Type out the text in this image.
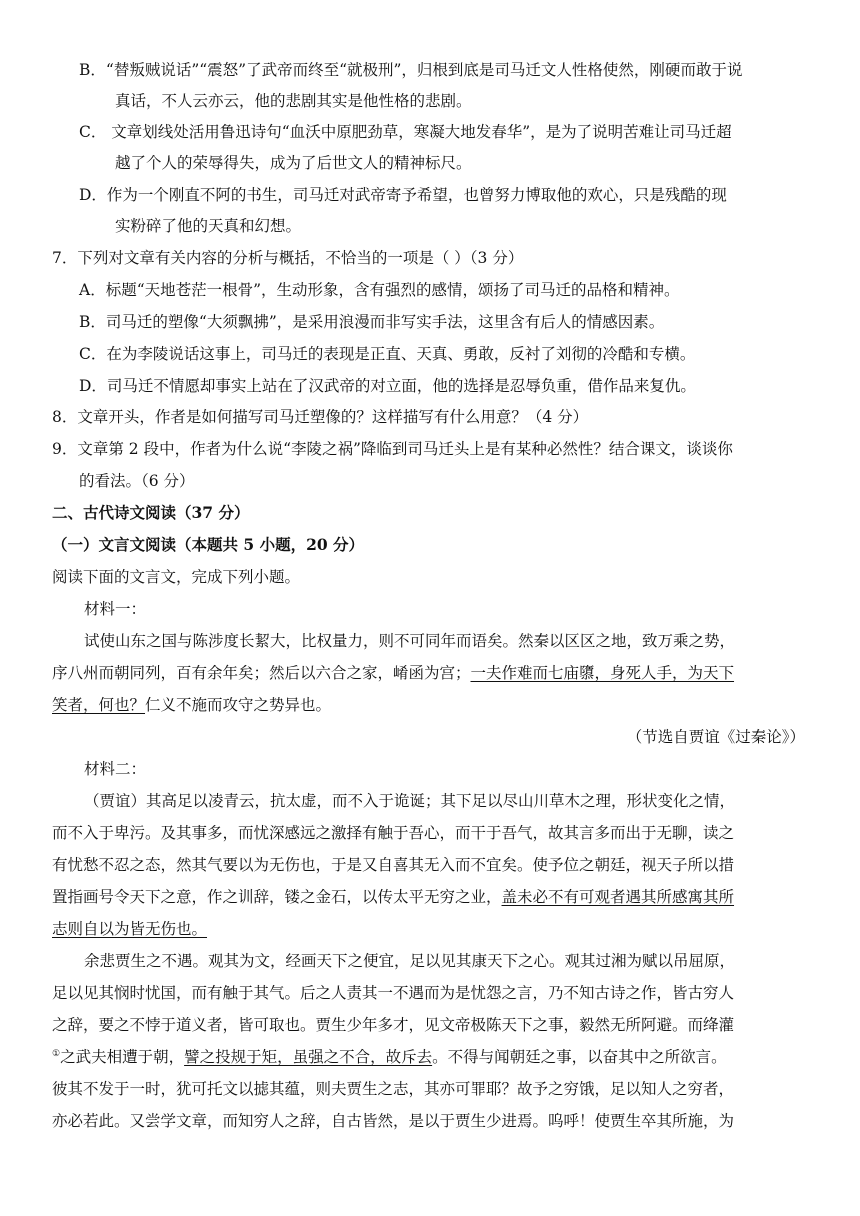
B．“替叛贼说话”“震怒”了武帝而终至“就极刑”，归根到底是司马迁文人性格使然，刚硬而敢于说
真话，不人云亦云，他的悲剧其实是他性格的悲剧。
C． 文章划线处活用鲁迅诗句“血沃中原肥劲草，寒凝大地发春华”，是为了说明苦难让司马迁超
越了个人的荣辱得失，成为了后世文人的精神标尺。
D．作为一个刚直不阿的书生，司马迁对武帝寄予希望，也曾努力博取他的欢心，只是残酷的现
实粉碎了他的天真和幻想。
7．下列对文章有关内容的分析与概括，不恰当的一项是（ ）（3 分）
A．标题“天地苍茫一根骨”，生动形象，含有强烈的感情，颂扬了司马迁的品格和精神。
B．司马迁的塑像“大须飘拂”，是采用浪漫而非写实手法，这里含有后人的情感因素。
C．在为李陵说话这事上，司马迁的表现是正直、天真、勇敢，反衬了刘彻的冷酷和专横。
D．司马迁不情愿却事实上站在了汉武帝的对立面，他的选择是忍辱负重，借作品来复仇。
8．文章开头，作者是如何描写司马迁塑像的？这样描写有什么用意？（4 分）
9．文章第 2 段中，作者为什么说“李陵之祸”降临到司马迁头上是有某种必然性？结合课文，谈谈你
的看法。（6 分）
二、古代诗文阅读（37 分）
（一）文言文阅读（本题共 5 小题，20 分）
阅读下面的文言文，完成下列小题。
材料一：
试使山东之国与陈涉度长絜大，比权量力，则不可同年而语矣。然秦以区区之地，致万乘之势，
序八州而朝同列，百有余年矣；然后以六合之家，崤函为宫；一夫作难而七庙隳，身死人手，为天下
笑者，何也？仁义不施而攻守之势异也。
（节选自贾谊《过秦论》）
材料二：
（贾谊）其高足以凌青云，抗太虚，而不入于诡诞；其下足以尽山川草木之理，形状变化之情，
而不入于卑污。及其事多，而忧深感远之激择有触于吾心，而干于吾气，故其言多而出于无聊，读之
有忧愁不忍之态，然其气要以为无伤也，于是又自喜其无入而不宜矣。使予位之朝廷，视天子所以措
置指画号令天下之意，作之训辞，镂之金石，以传太平无穷之业，盖未必不有可观者遇其所感寓其所
志则自以为皆无伤也。
余悲贾生之不遇。观其为文，经画天下之便宜，足以见其康天下之心。观其过湘为赋以吊屈原，
足以见其悯时忧国，而有触于其气。后之人责其一不遇而为是忧怨之言，乃不知古诗之作，皆古穷人
之辞，要之不悖于道义者，皆可取也。贾生少年多才，见文帝极陈天下之事，毅然无所阿避。而绛灌
①之武夫相遭于朝，譬之投规于矩，虽强之不合，故斥去。不得与闻朝廷之事，以奋其中之所欲言。
彼其不发于一时，犹可托文以摅其蕴，则夫贾生之志，其亦可罪耶？故予之穷饿，足以知人之穷者，
亦必若此。又尝学文章，而知穷人之辞，自古皆然，是以于贾生少进焉。呜呼！使贾生卒其所施，为
